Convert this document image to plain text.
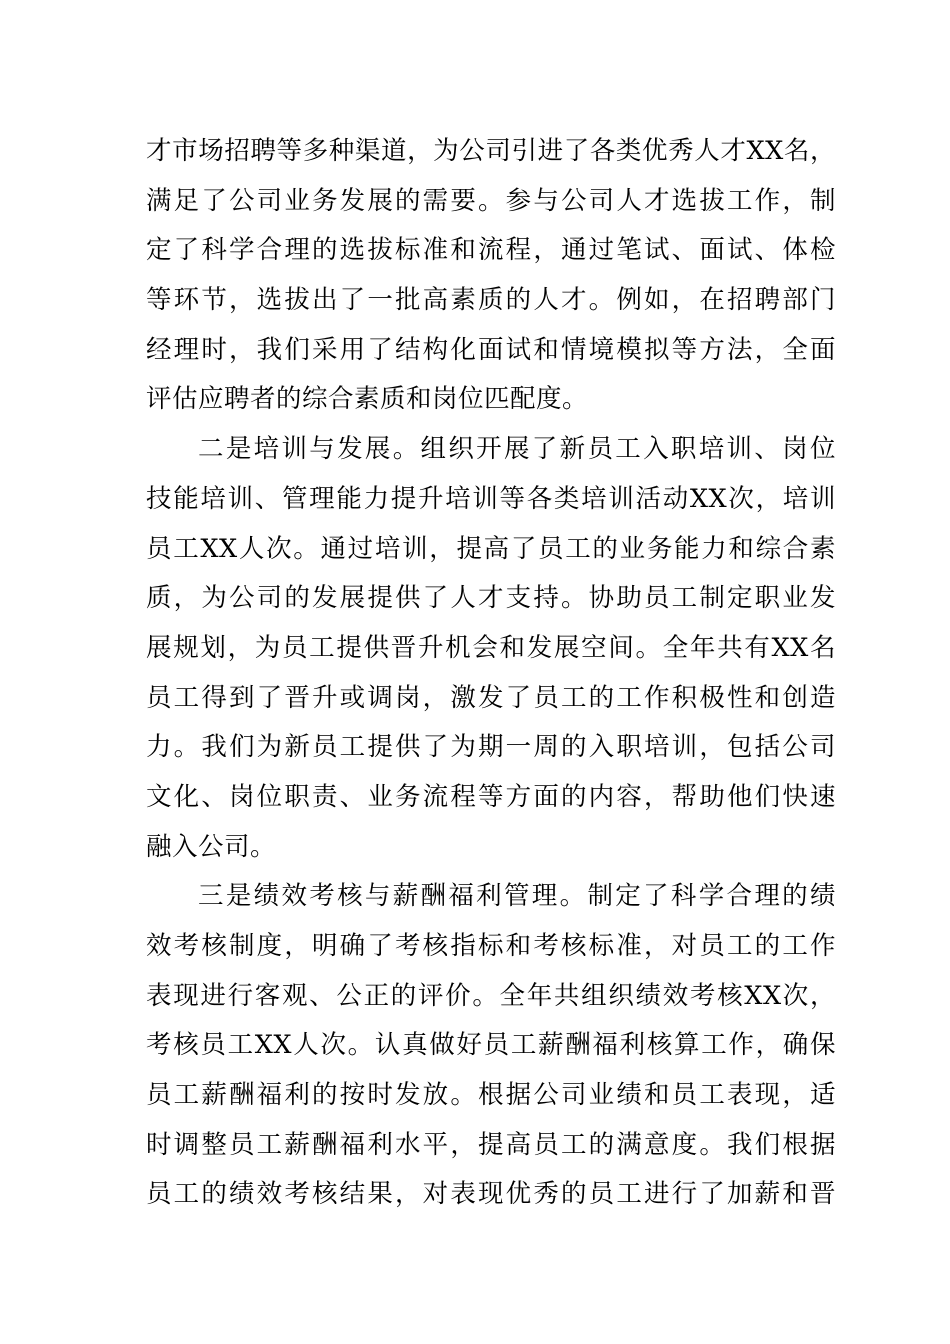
才市场招聘等多种渠道，为公司引进了各类优秀人才XX名，
满足了公司业务发展的需要。参与公司人才选拔工作，制
定了科学合理的选拔标准和流程，通过笔试、面试、体检
等环节，选拔出了一批高素质的人才。例如，在招聘部门
经理时，我们采用了结构化面试和情境模拟等方法，全面
评估应聘者的综合素质和岗位匹配度。
二是培训与发展。组织开展了新员工入职培训、岗位
技能培训、管理能力提升培训等各类培训活动XX次，培训
员工XX人次。通过培训，提高了员工的业务能力和综合素
质，为公司的发展提供了人才支持。协助员工制定职业发
展规划，为员工提供晋升机会和发展空间。全年共有XX名
员工得到了晋升或调岗，激发了员工的工作积极性和创造
力。我们为新员工提供了为期一周的入职培训，包括公司
文化、岗位职责、业务流程等方面的内容，帮助他们快速
融入公司。
三是绩效考核与薪酬福利管理。制定了科学合理的绩
效考核制度，明确了考核指标和考核标准，对员工的工作
表现进行客观、公正的评价。全年共组织绩效考核XX次，
考核员工XX人次。认真做好员工薪酬福利核算工作，确保
员工薪酬福利的按时发放。根据公司业绩和员工表现，适
时调整员工薪酬福利水平，提高员工的满意度。我们根据
员工的绩效考核结果，对表现优秀的员工进行了加薪和晋
